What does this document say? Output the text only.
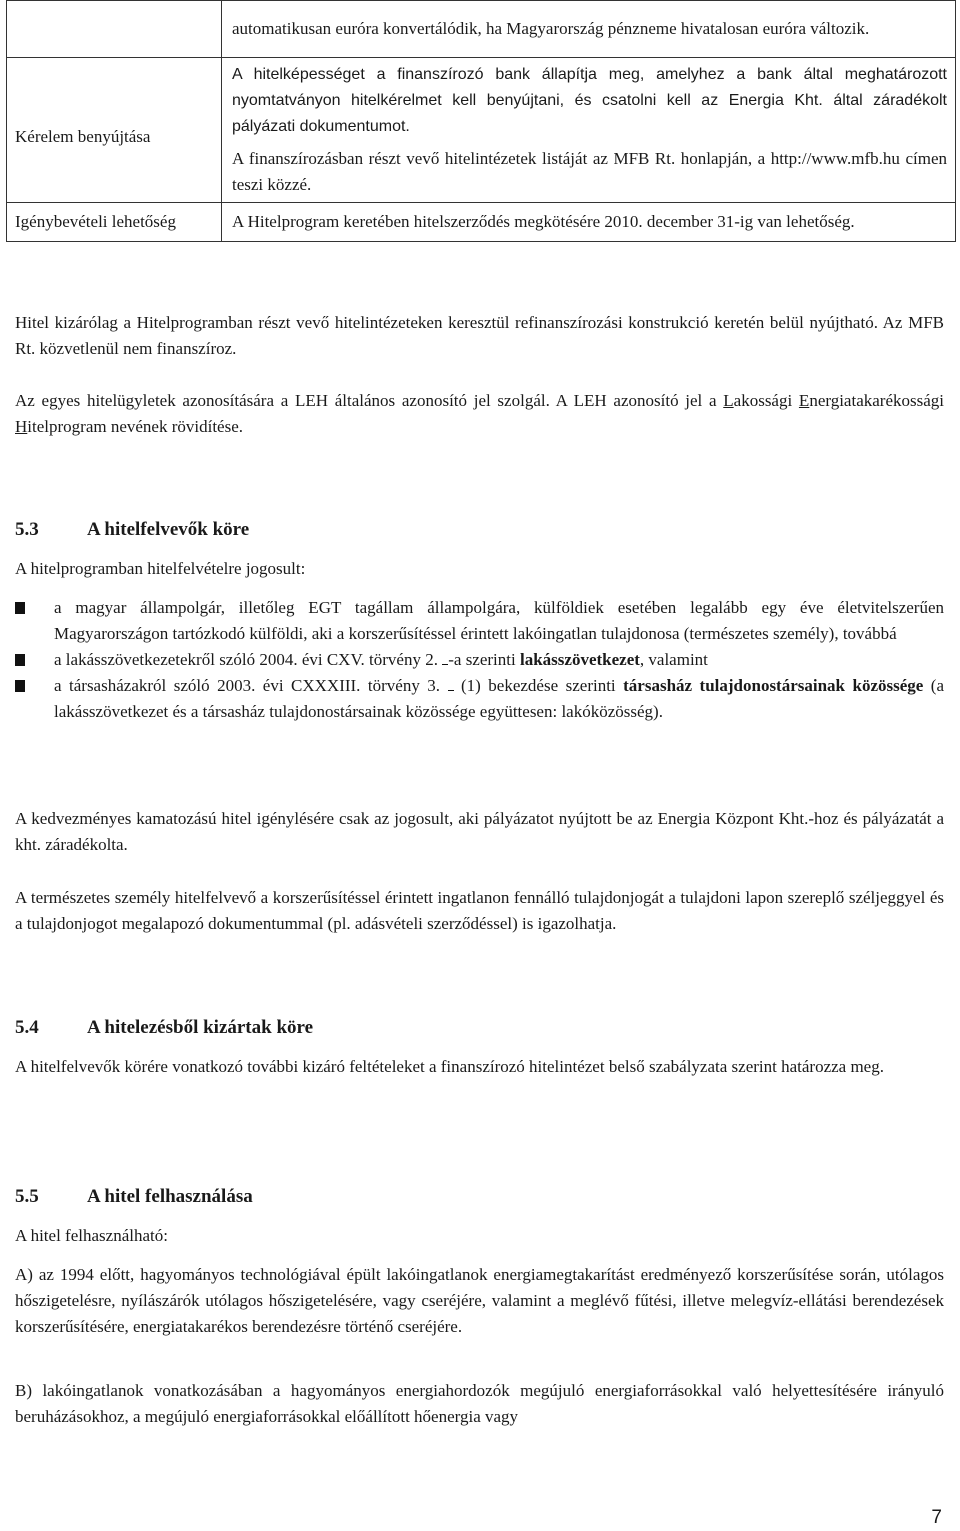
	automatikusan euróra konvertálódik, ha Magyarország pénzneme hivatalosan euróra változik.
Kérelem benyújtása	A hitelképességet a finanszírozó bank állapítja meg, amelyhez a bank által meghatározott nyomtatványon hitelkérelmet kell benyújtani, és csatolni kell az Energia Kht. által záradékolt pályázati dokumentumot.
A finanszírozásban részt vevő hitelintézetek listáját az MFB Rt. honlapján, a http://www.mfb.hu címen teszi közzé.

Igénybevételi lehetőség	A Hitelprogram keretében hitelszerződés megkötésére 2010. december 31-ig van lehetőség.

Hitel kizárólag a Hitelprogramban részt vevő hitelintézeteken keresztül refinanszírozási konstrukció keretén belül nyújtható. Az MFB Rt. közvetlenül nem finanszíroz.

Az egyes hitelügyletek azonosítására a LEH általános azonosító jel szolgál. A LEH azonosító jel a Lakossági Energiatakarékossági Hitelprogram nevének rövidítése.

5.3	A hitelfelvevők köre

A hitelprogramban hitelfelvételre jogosult:

a magyar állampolgár, illetőleg EGT tagállam állampolgára, külföldiek esetében legalább egy éve életvitelszerűen Magyarországon tartózkodó külföldi, aki a korszerűsítéssel érintett lakóingatlan tulajdonosa (természetes személy), továbbá
a lakásszövetkezetekről szóló 2004. évi CXV. törvény 2. -a szerinti lakásszövetkezet, valamint
a társasházakról szóló 2003. évi CXXXIII. törvény 3.  (1) bekezdése szerinti társasház tulajdonostársainak közössége (a lakásszövetkezet és a társasház tulajdonostársainak közössége együttesen: lakóközösség).

A kedvezményes kamatozású hitel igénylésére csak az jogosult, aki pályázatot nyújtott be az Energia Központ Kht.-hoz és pályázatát a kht. záradékolta.

A természetes személy hitelfelvevő a korszerűsítéssel érintett ingatlanon fennálló tulajdonjogát a tulajdoni lapon szereplő széljeggyel és a tulajdonjogot megalapozó dokumentummal (pl. adásvételi szerződéssel) is igazolhatja.

5.4	A hitelezésből kizártak köre

A hitelfelvevők körére vonatkozó további kizáró feltételeket a finanszírozó hitelintézet belső szabályzata szerint határozza meg.

5.5	A hitel felhasználása

A hitel felhasználható:

A) az 1994 előtt, hagyományos technológiával épült lakóingatlanok energiamegtakarítást eredményező korszerűsítése során, utólagos hőszigetelésre, nyílászárók utólagos hőszigetelésére, vagy cseréjére, valamint a meglévő fűtési, illetve melegvíz-ellátási berendezések korszerűsítésére, energiatakarékos berendezésre történő cseréjére.

B) lakóingatlanok vonatkozásában a hagyományos energiahordozók megújuló energiaforrásokkal való helyettesítésére irányuló beruházásokhoz, a megújuló energiaforrásokkal előállított hőenergia vagy

7
